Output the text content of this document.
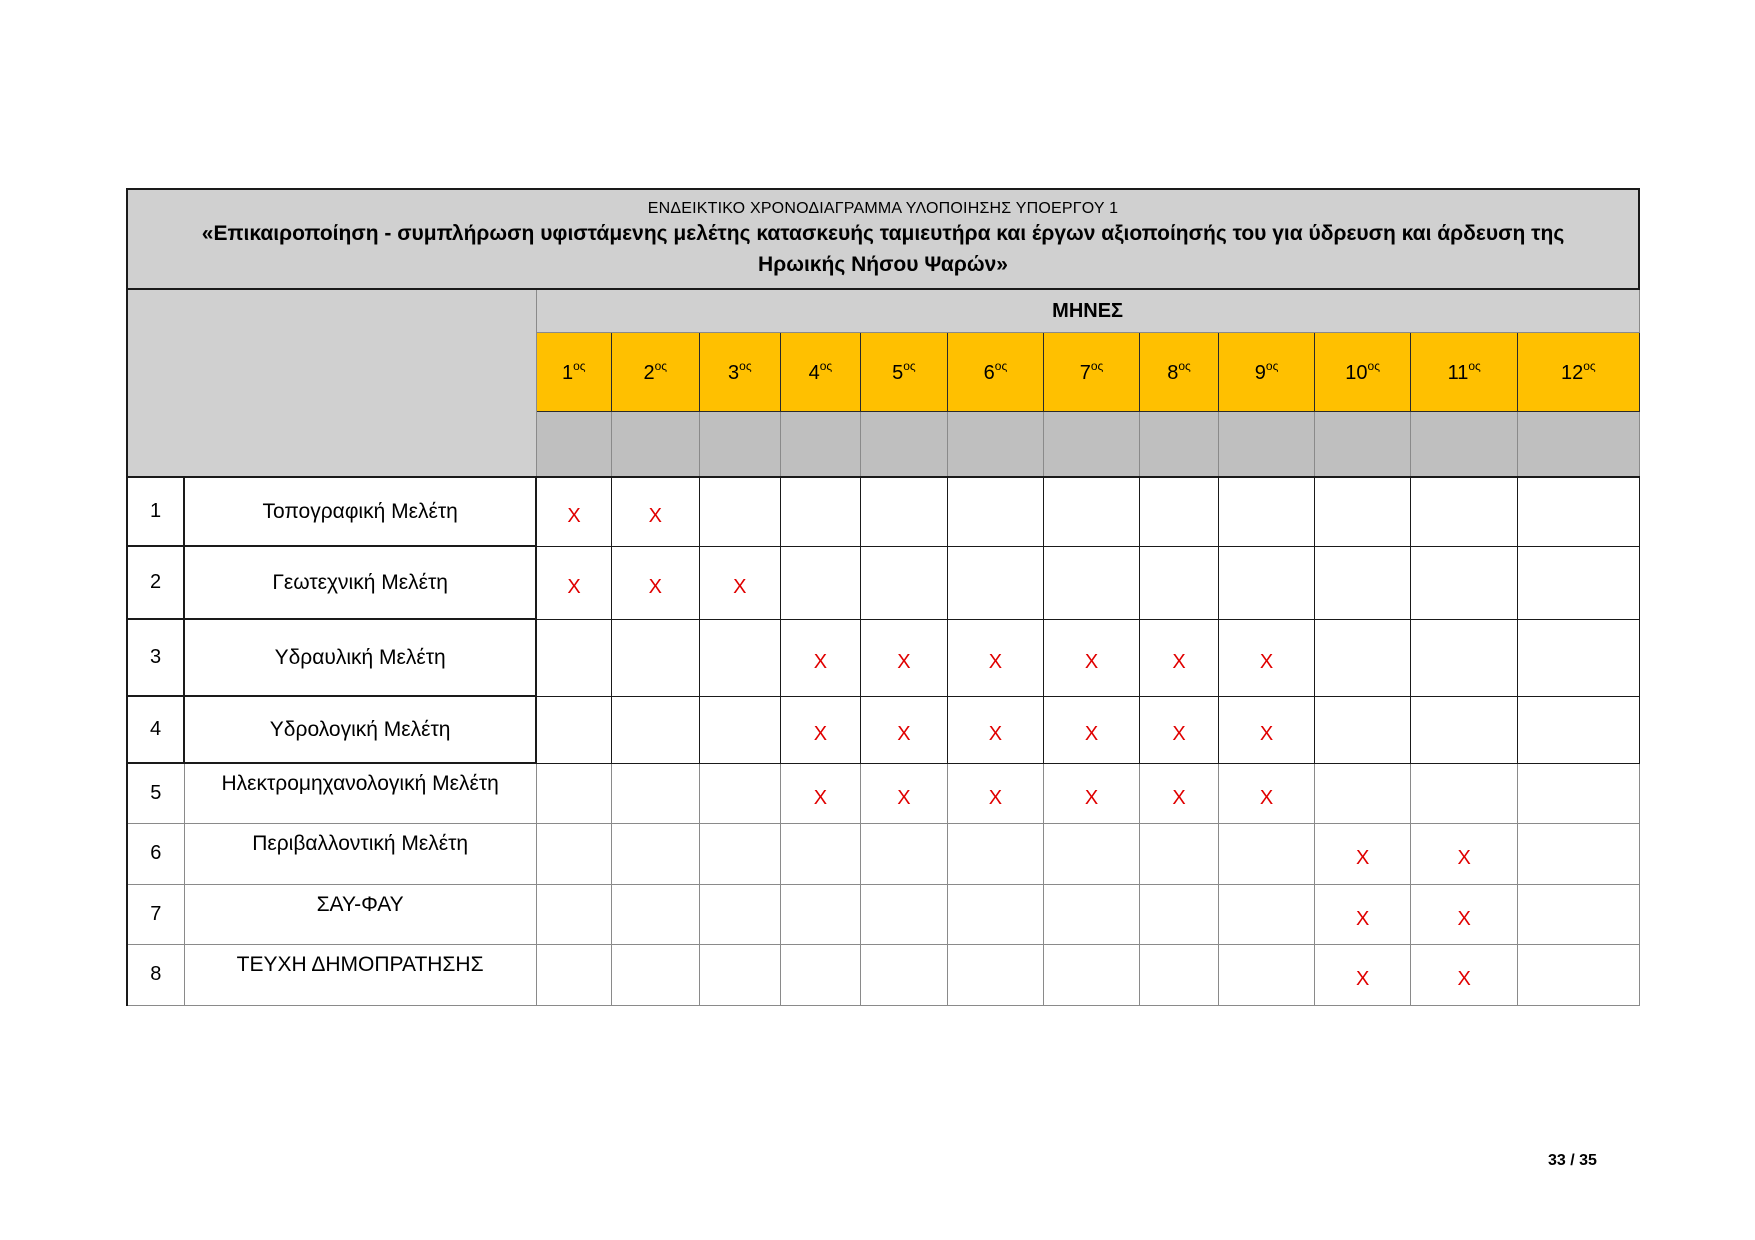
ΕΝΔΕΙΚΤΙΚΟ ΧΡΟΝΟΔΙΑΓΡΑΜΜΑ ΥΛΟΠΟΙΗΣΗΣ ΥΠΟΕΡΓΟΥ 1
«Επικαιροποίηση - συμπλήρωση υφιστάμενης μελέτης κατασκευής ταμιευτήρα και έργων αξιοποίησής του για ύδρευση και άρδευση της
Ηρωικής Νήσου Ψαρών»													

		ΜΗΝΕΣ											
		$1^{o\varsigma}$	$2^{o\varsigma}$	$3^{o\varsigma}$	$4^{o\varsigma}$	$5^{o\varsigma}$	$6^{o\varsigma}$	$7^{o\varsigma}$	$8^{o\varsigma}$	$9^{o\varsigma}$	$10^{o\varsigma}$	$11^{o\varsigma}$	$12^{o\varsigma}$

1	Τοπογραφική Μελέτη	X	X										
2	Γεωτεχνική Μελέτη	X	X	X									
3	Υδραυλική Μελέτη				X	X	X	X	X	X			
4	Υδρολογική Μελέτη				X	X	X	X	X	X			
5	Ηλεκτρομηχανολογική Μελέτη				X	X	X	X	X	X			
6	Περιβαλλοντική Μελέτη										X	X	
7	ΣΑΥ-ΦΑΥ										X	X	
8	ΤΕΥΧΗ ΔΗΜΟΠΡΑΤΗΣΗΣ										X	X	
33 / 35
